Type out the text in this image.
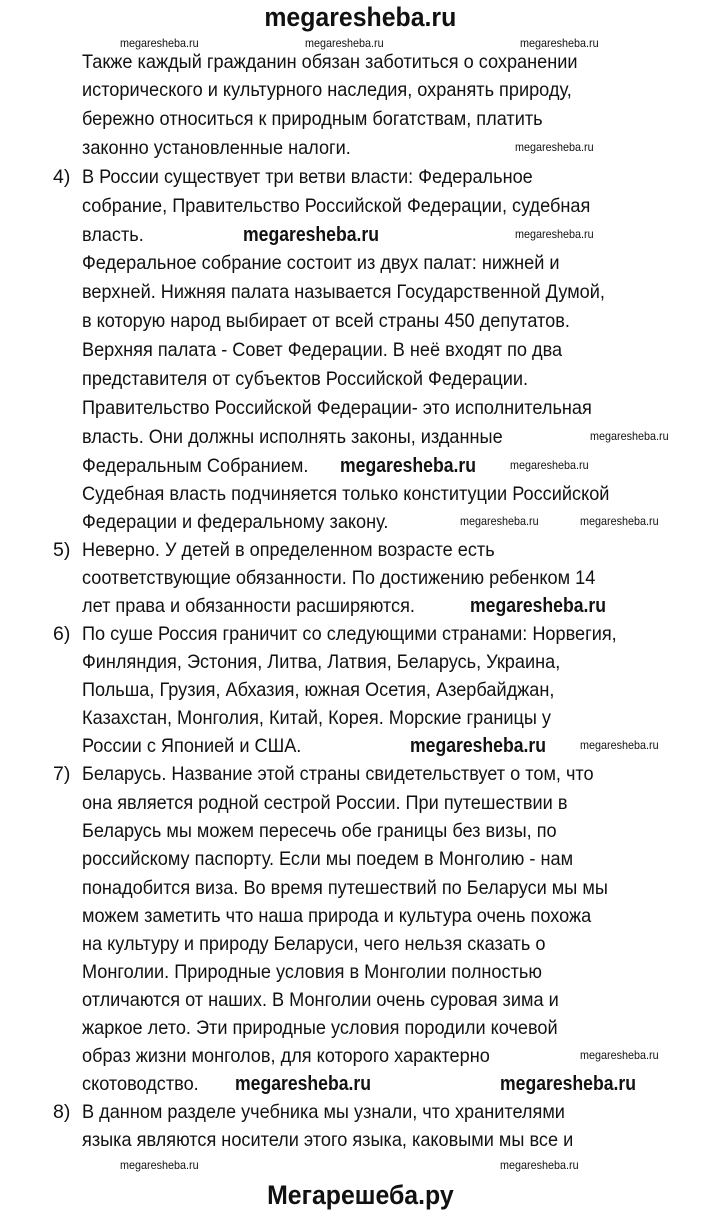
megaresheba.ru
Также каждый гражданин обязан заботиться о сохранении
исторического и культурного наследия, охранять природу,
бережно относиться к природным богатствам, платить
законно установленные налоги.
4) В России существует три ветви власти: Федеральное
собрание, Правительство Российской Федерации, судебная
власть.
Федеральное собрание состоит из двух палат: нижней и
верхней. Нижняя палата называется Государственной Думой,
в которую народ выбирает от всей страны 450 депутатов.
Верхняя палата - Совет Федерации. В неё входят по два
представителя от субъектов Российской Федерации.
Правительство Российской Федерации- это исполнительная
власть. Они должны исполнять законы, изданные
Федеральным Собранием.
Судебная власть подчиняется только конституции Российской
Федерации и федеральному закону.
5) Неверно. У детей в определенном возрасте есть
соответствующие обязанности. По достижению ребенком 14
лет права и обязанности расширяются.
6) По суше Россия граничит со следующими странами: Норвегия,
Финляндия, Эстония, Литва, Латвия, Беларусь, Украина,
Польша, Грузия, Абхазия, южная Осетия, Азербайджан,
Казахстан, Монголия, Китай, Корея. Морские границы у
России с Японией и США.
7) Беларусь. Название этой страны свидетельствует о том, что
она является родной сестрой России. При путешествии в
Беларусь мы можем пересечь обе границы без визы, по
российскому паспорту. Если мы поедем в Монголию - нам
понадобится виза. Во время путешествий по Беларуси мы мы
можем заметить что наша природа и культура очень похожа
на культуру и природу Беларуси, чего нельзя сказать о
Монголии. Природные условия в Монголии полностью
отличаются от наших. В Монголии очень суровая зима и
жаркое лето. Эти природные условия породили кочевой
образ жизни монголов, для которого характерно
скотоводство.
8) В данном разделе учебника мы узнали, что хранителями
языка являются носители этого языка, каковыми мы все и
megaresheba.ru	megaresheba.ru	megaresheba.ru
megaresheba.ru
megaresheba.ru
megaresheba.ru
megaresheba.ru
megaresheba.ru	megaresheba.ru
megaresheba.ru
megaresheba.ru
megaresheba.ru	megaresheba.ru
megaresheba.ru
megaresheba.ru
megaresheba.ru
megaresheba.ru
megaresheba.ru	megaresheba.ru
Мегарешеба.ру
